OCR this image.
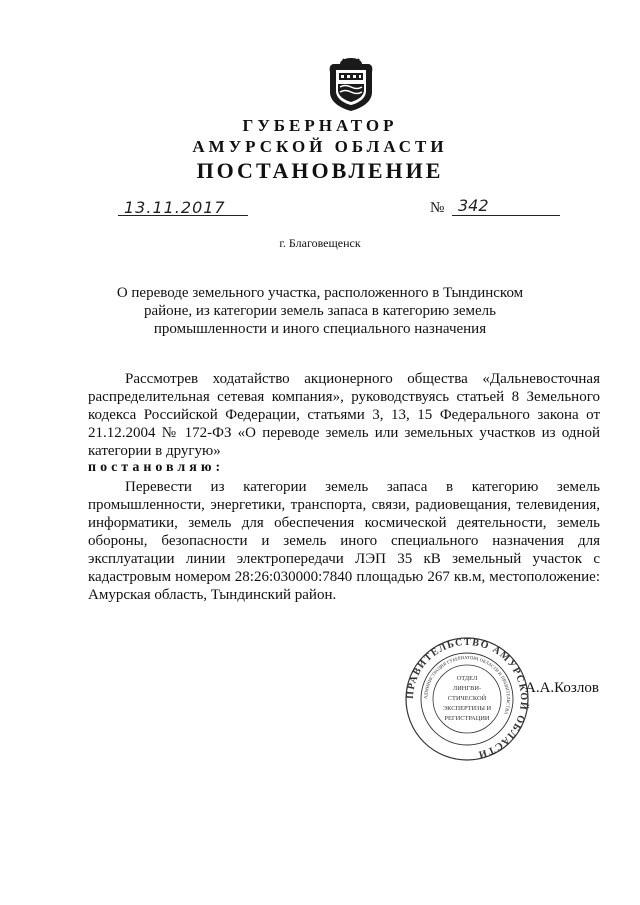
ГУБЕРНАТОР
АМУРСКОЙ ОБЛАСТИ
ПОСТАНОВЛЕНИЕ
13.11.2017	№ 342
г. Благовещенск
О переводе земельного участка, расположенного в Тындинском районе, из категории земель запаса в категорию земель промышленности и иного специального назначения
Рассмотрев ходатайство акционерного общества «Дальневосточная распределительная сетевая компания», руководствуясь статьей 8 Земельного кодекса Российской Федерации, статьями 3, 13, 15 Федерального закона от 21.12.2004 № 172-ФЗ «О переводе земель или земельных участков из одной категории в другую»
постановляю:
Перевести из категории земель запаса в категорию земель промышленности, энергетики, транспорта, связи, радиовещания, телевидения, информатики, земель для обеспечения космической деятельности, земель обороны, безопасности и земель иного специального назначения для эксплуатации линии электропередачи ЛЭП 35 кВ земельный участок с кадастровым номером 28:26:030000:7840 площадью 267 кв.м, местоположение: Амурская область, Тындинский район.
ПРАВИТЕЛЬСТВО АМУРСКОЙ ОБЛАСТИ
АДМИНИСТРАЦИЯ ГУБЕРНАТОРА ОБЛАСТИ И ПРАВИТЕЛЬСТВА
ОТДЕЛ
ЛИНГВИ-
СТИЧЕСКОЙ
ЭКСПЕРТИЗЫ И
РЕГИСТРАЦИИ
А.А.Козлов
